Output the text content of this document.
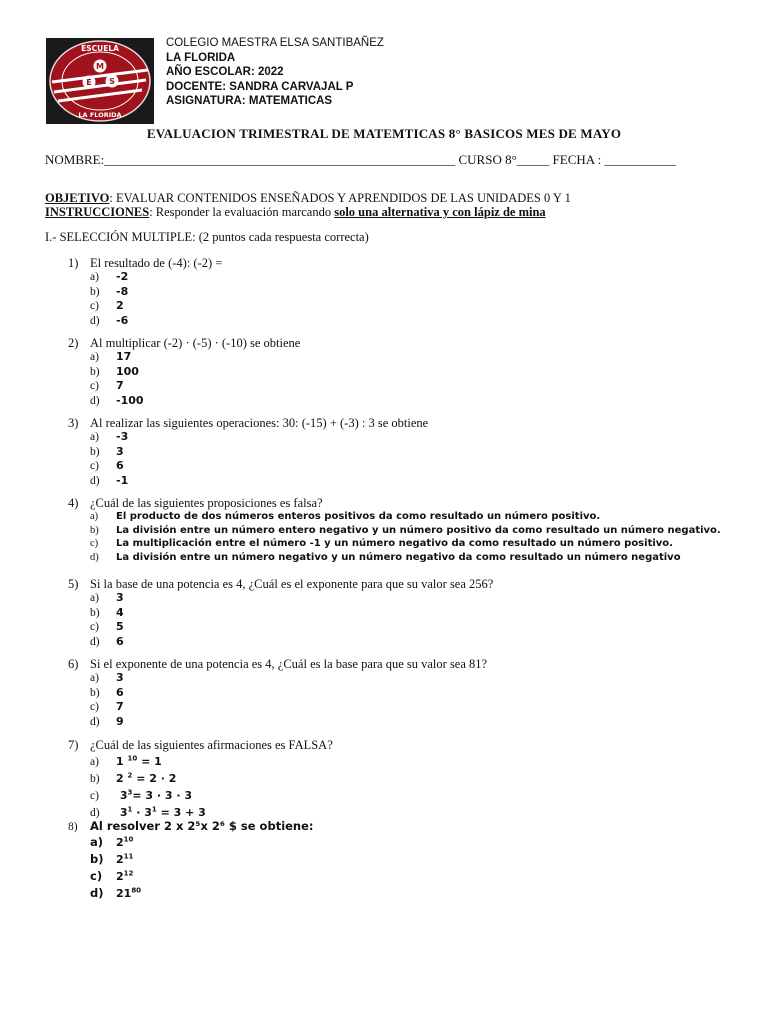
M
E S
ESCUELA
LA FLORIDA
COLEGIO MAESTRA ELSA SANTIBAÑEZ
LA FLORIDA
AÑO ESCOLAR: 2022
DOCENTE: SANDRA CARVAJAL P
ASIGNATURA: MATEMATICAS
EVALUACION TRIMESTRAL DE MATEMTICAS 8° BASICOS MES DE MAYO
NOMBRE:______________________________________________________ CURSO 8°_____ FECHA : ___________
OBJETIVO: EVALUAR CONTENIDOS ENSEÑADOS Y APRENDIDOS DE LAS UNIDADES 0 Y 1
INSTRUCCIONES: Responder la evaluación marcando solo una alternativa y con lápiz de mina
I.- SELECCIÓN MULTIPLE: (2 puntos cada respuesta correcta)
1) El resultado de (-4): (-2) =
a) -2
b) -8
c) 2
d) -6
2) Al multiplicar (-2) · (-5) · (-10) se obtiene
a) 17
b) 100
c) 7
d) -100
3) Al realizar las siguientes operaciones: 30: (-15) + (-3) : 3 se obtiene
a) -3
b) 3
c) 6
d) -1
4) ¿Cuál de las siguientes proposiciones es falsa?
a) El producto de dos números enteros positivos da como resultado un número positivo.
b) La división entre un número entero negativo y un número positivo da como resultado un número negativo.
c) La multiplicación entre el número -1 y un número negativo da como resultado un número positivo.
d) La división entre un número negativo y un número negativo da como resultado un número negativo
5) Si la base de una potencia es 4, ¿Cuál es el exponente para que su valor sea 256?
a) 3
b) 4
c) 5
d) 6
6) Si el exponente de una potencia es 4, ¿Cuál es la base para que su valor sea 81?
a) 3
b) 6
c) 7
d) 9
7) ¿Cuál de las siguientes afirmaciones es FALSA?
a) 1 $^{10}$ = 1
b) 2 $^2$ = 2 · 2
c) $3^3= 3 \cdot 3 \cdot 3$
d) $3^1 \cdot 3^1 = 3 + 3$
8) Al resolver 2 x 2⁵x 2⁶ $ se obtiene:
a) $2^{10}$
b) $2^{11}$
c) $2^{12}$
d) $21^{80}$
